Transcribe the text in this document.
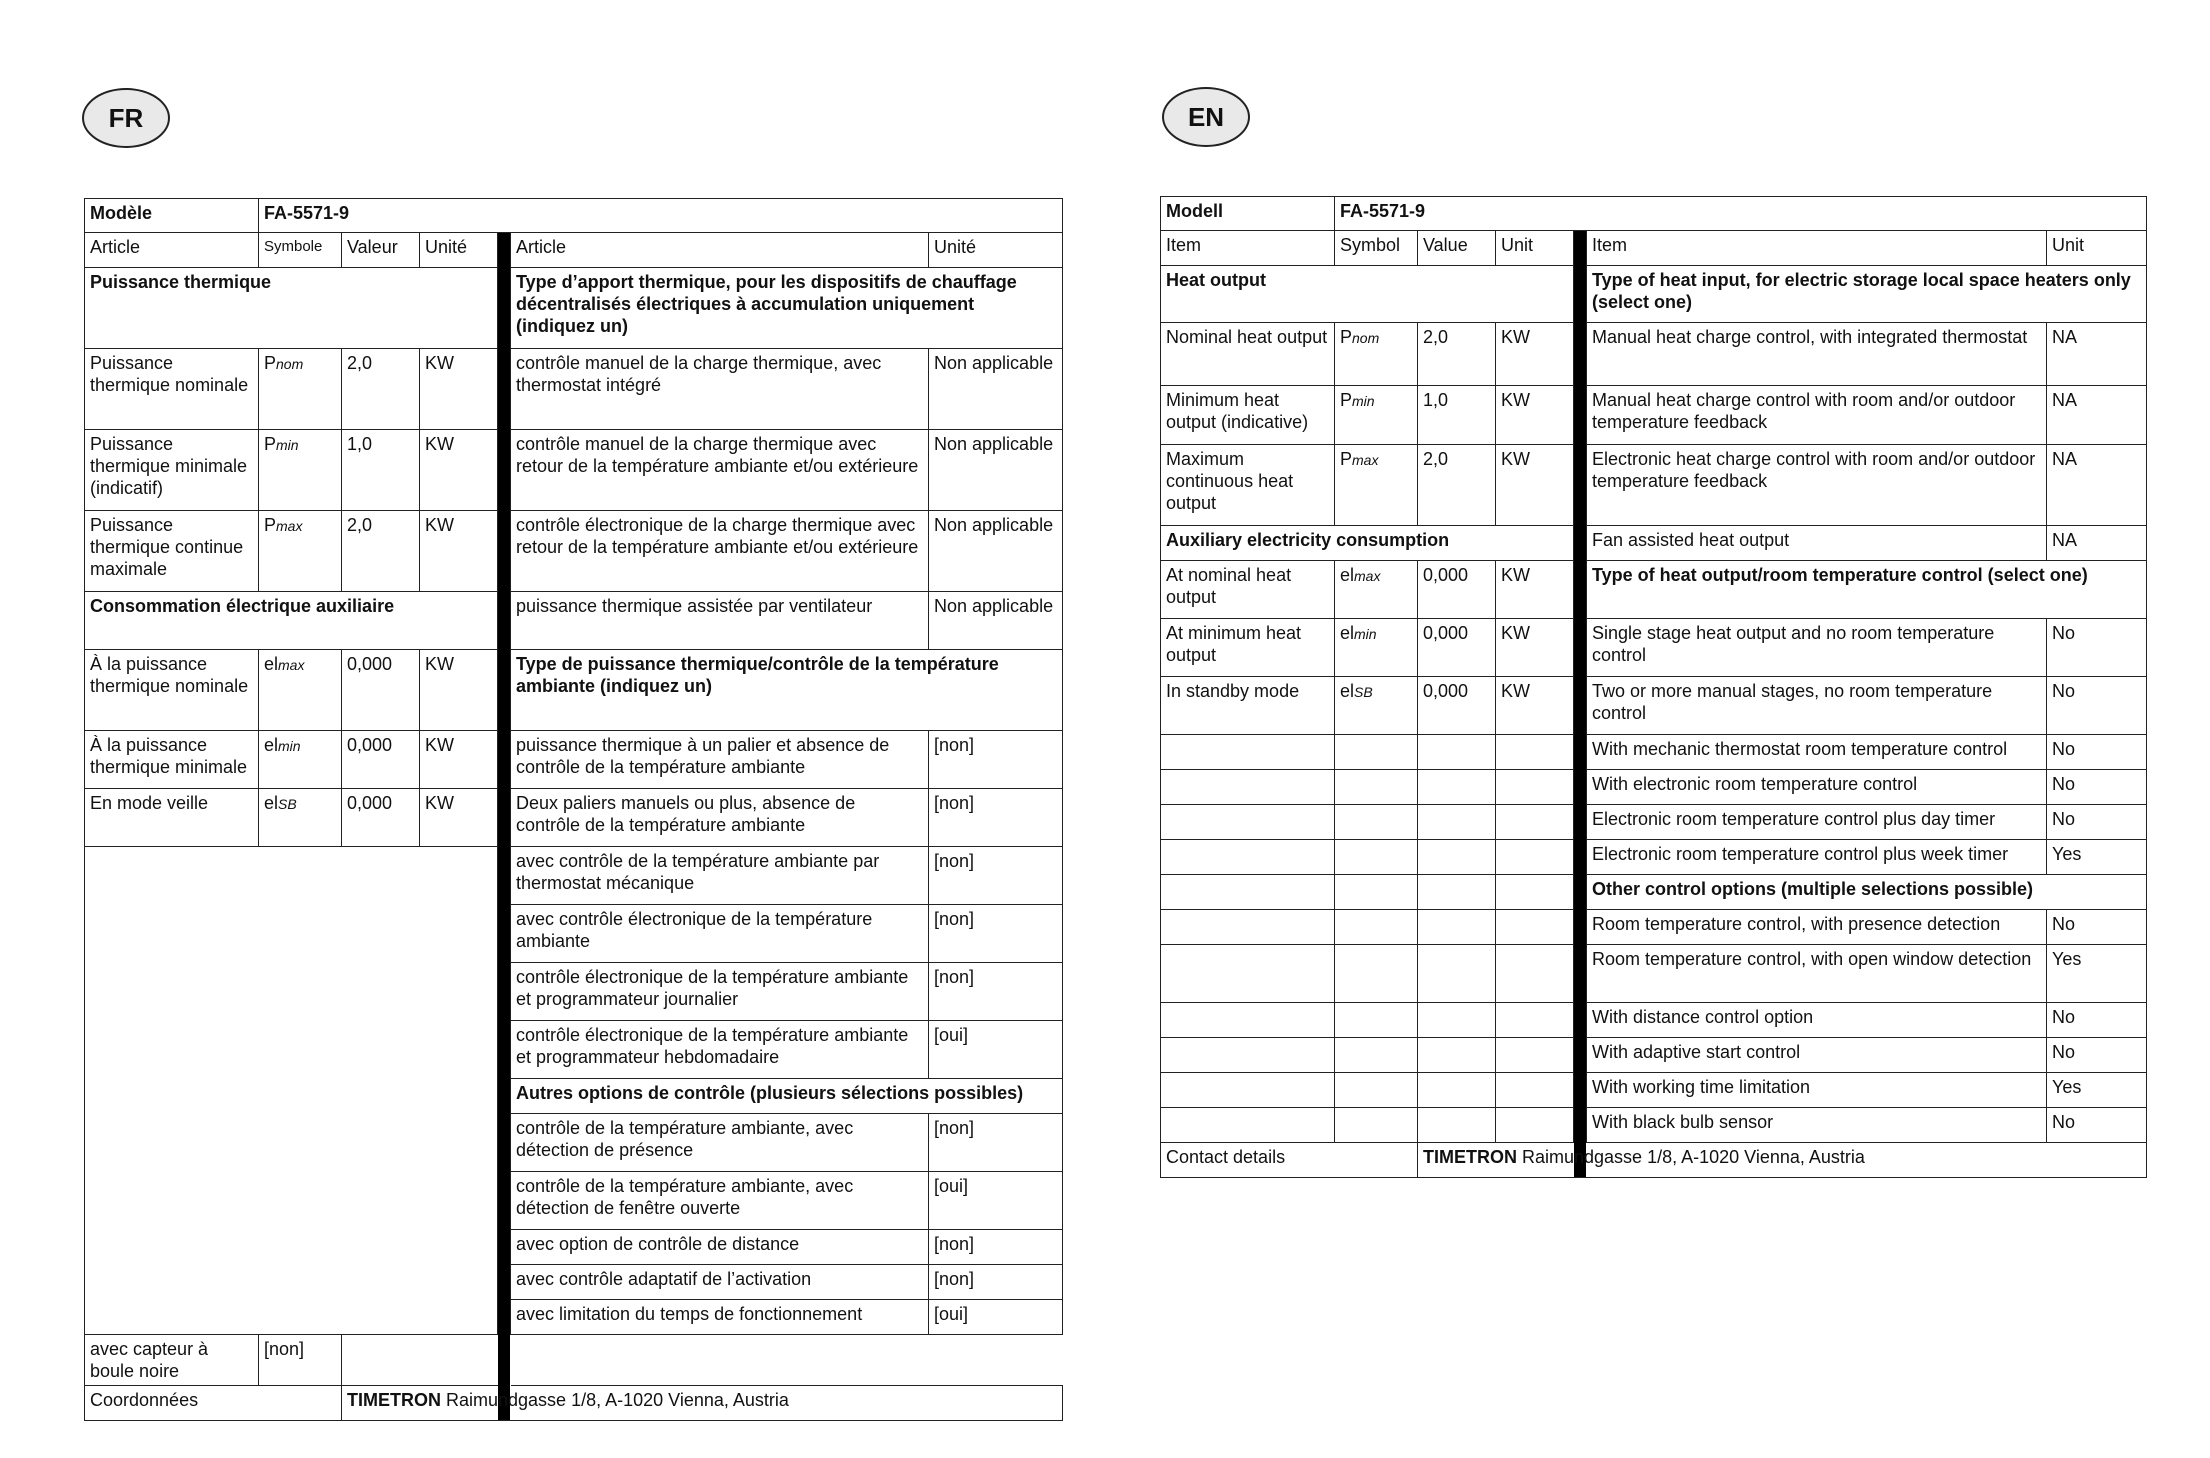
FR	EN
Modèle	FA-5571-9					
Article	Symbole	Valeur	Unité		Article	Unité
Puissance thermique					Type d’apport thermique, pour les dispositifs de chauffage décentralisés électriques à accumulation uniquement (indiquez un)	
Puissance thermique nominale	Pnom	2,0	KW		contrôle manuel de la charge thermique, avec thermostat intégré	Non applicable
Puissance thermique minimale (indicatif)	Pmin	1,0	KW		contrôle manuel de la charge thermique avec retour de la température ambiante et/ou extérieure	Non applicable
Puissance thermique continue maximale	Pmax	2,0	KW		contrôle électronique de la charge thermique avec retour de la température ambiante et/ou extérieure	Non applicable
Consommation électrique auxiliaire					puissance thermique assistée par ventilateur	Non applicable
À la puissance thermique nominale	elmax	0,000	KW		Type de puissance thermique/contrôle de la température ambiante (indiquez un)	
À la puissance thermique minimale	elmin	0,000	KW		puissance thermique à un palier et absence de contrôle de la température ambiante	[non]
En mode veille	elSB	0,000	KW		Deux paliers manuels ou plus, absence de contrôle de la température ambiante	[non]
					avec contrôle de la température ambiante par thermostat mécanique	[non]
					avec contrôle électronique de la température ambiante	[non]
					contrôle électronique de la température ambiante et programmateur journalier	[non]
					contrôle électronique de la température ambiante et programmateur hebdomadaire	[oui]
					Autres options de contrôle (plusieurs sélections possibles)	
					contrôle de la température ambiante, avec détection de présence	[non]
					contrôle de la température ambiante, avec détection de fenêtre ouverte	[oui]
					avec option de contrôle de distance	[non]
					avec contrôle adaptatif de l’activation	[non]
					avec limitation du temps de fonctionnement	[oui]
avec capteur à boule noire	[non]					
Coordonnées		TIMETRON Raimundgasse 1/8, A-1020 Vienna, Austria				
Modell	FA-5571-9					
Item	Symbol	Value	Unit		Item	Unit
Heat output					Type of heat input, for electric storage local space heaters only (select one)	
Nominal heat output	Pnom	2,0	KW		Manual heat charge control, with integrated thermostat	NA
Minimum heat output (indicative)	Pmin	1,0	KW		Manual heat charge control with room and/or outdoor temperature feedback	NA
Maximum continuous heat output	Pmax	2,0	KW		Electronic heat charge control with room and/or outdoor temperature feedback	NA
Auxiliary electricity consumption					Fan assisted heat output	NA
At nominal heat output	elmax	0,000	KW		Type of heat output/room temperature control (select one)	
At minimum heat output	elmin	0,000	KW		Single stage heat output and no room temperature control	No
In standby mode	elSB	0,000	KW		Two or more manual stages, no room temperature control	No
					With mechanic thermostat room temperature control	No
					With electronic room temperature control	No
					Electronic room temperature control plus day timer	No
					Electronic room temperature control plus week timer	Yes
					Other control options (multiple selections possible)	
					Room temperature control, with presence detection	No
					Room temperature control, with open window detection	Yes
					With distance control option	No
					With adaptive start control	No
					With working time limitation	Yes
					With black bulb sensor	No
Contact details		TIMETRON Raimundgasse 1/8, A-1020 Vienna, Austria				
